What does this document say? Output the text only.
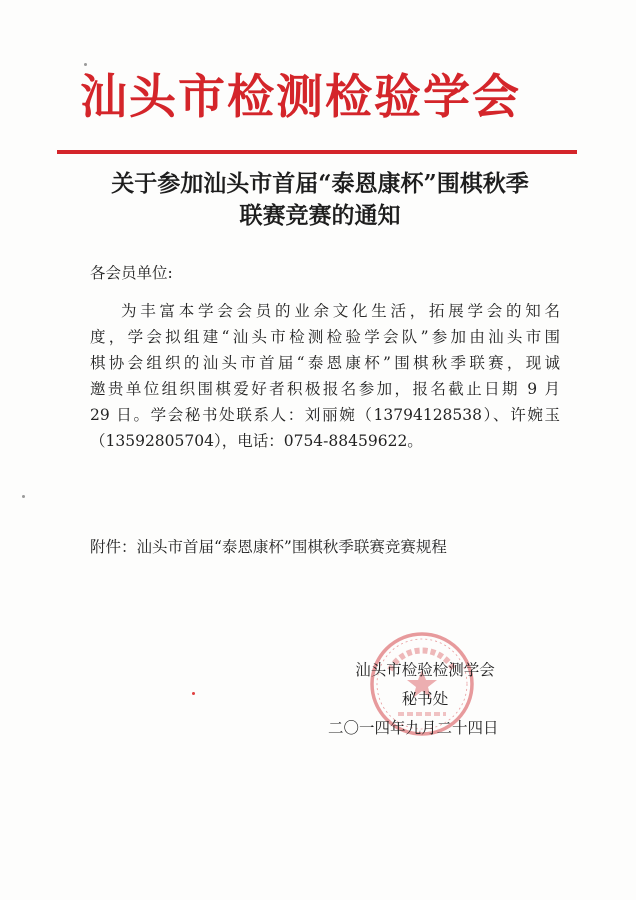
汕头市检测检验学会
关于参加汕头市首届“泰恩康杯”围棋秋季
联赛竞赛的通知
各会员单位:
为丰富本学会会员的业余文化生活，拓展学会的知名
度，学会拟组建“汕头市检测检验学会队”参加由汕头市围
棋协会组织的汕头市首届“泰恩康杯”围棋秋季联赛，现诚
邀贵单位组织围棋爱好者积极报名参加，报名截止日期 9 月
29 日。学会秘书处联系人：刘丽婉（13794128538）、许婉玉
（13592805704），电话：0754-88459622。
附件：汕头市首届“泰恩康杯”围棋秋季联赛竞赛规程
汕头市检验检测学会
秘书处
二〇一四年九月二十四日
